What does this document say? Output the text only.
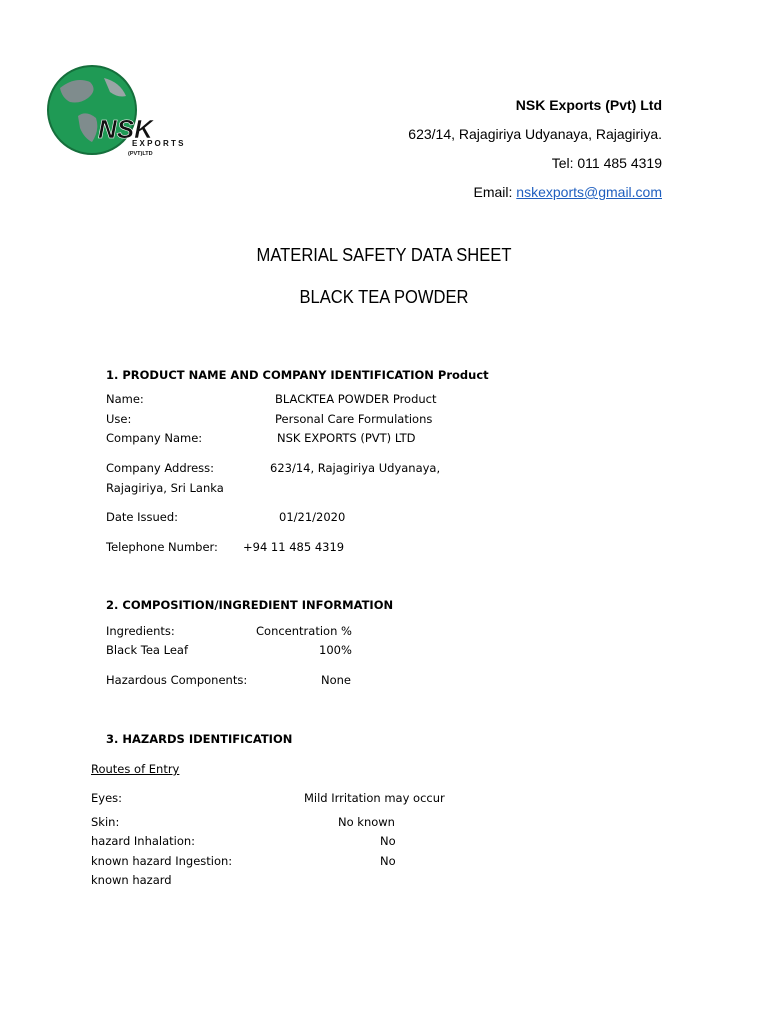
NSK
E X P O R T S
(PVT)LTD
NSK Exports (Pvt) Ltd
623/14, Rajagiriya Udyanaya, Rajagiriya.
Tel: 011 485 4319
Email: nskexports@gmail.com
MATERIAL SAFETY DATA SHEET
BLACK TEA POWDER
1. PRODUCT NAME AND COMPANY IDENTIFICATION Product
Name:	BLACKTEA POWDER Product
Use:	Personal Care Formulations
Company Name:	NSK EXPORTS (PVT) LTD
Company Address:	623/14, Rajagiriya Udyanaya,
Rajagiriya, Sri Lanka
Date Issued:	01/21/2020
Telephone Number: +94 11 485 4319
2. COMPOSITION/INGREDIENT INFORMATION
Ingredients:	Concentration %
Black Tea Leaf	100%
Hazardous Components:	None
3. HAZARDS IDENTIFICATION
Routes of Entry
Eyes:	Mild Irritation may occur
Skin:	No known
hazard Inhalation:	No
known hazard Ingestion:	No
known hazard
